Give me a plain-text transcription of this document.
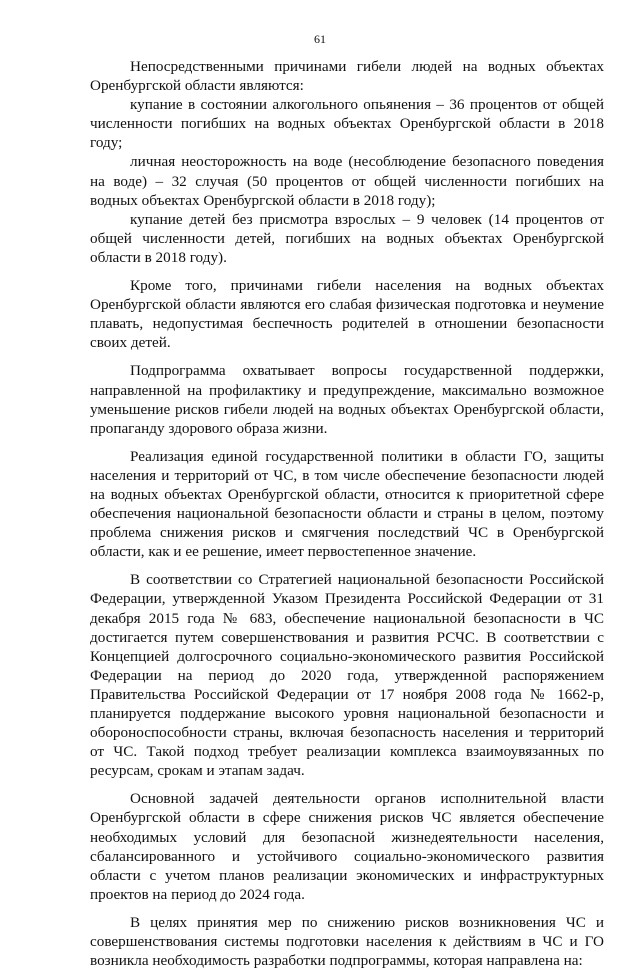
61

Непосредственными причинами гибели людей на водных объектах Оренбургской области являются:

купание в состоянии алкогольного опьянения – 36 процентов от общей численности погибших на водных объектах Оренбургской области в 2018 году;

личная неосторожность на воде (несоблюдение безопасного поведения на воде) – 32 случая (50 процентов от общей численности погибших на водных объектах Оренбургской области в 2018 году);

купание детей без присмотра взрослых – 9 человек (14 процентов от общей численности детей, погибших на водных объектах Оренбургской области в 2018 году).

Кроме того, причинами гибели населения на водных объектах Оренбургской области являются его слабая физическая подготовка и неумение плавать, недопустимая беспечность родителей в отношении безопасности своих детей.

Подпрограмма охватывает вопросы государственной поддержки, направленной на профилактику и предупреждение, максимально возможное уменьшение рисков гибели людей на водных объектах Оренбургской области, пропаганду здорового образа жизни.

Реализация единой государственной политики в области ГО, защиты населения и территорий от ЧС, в том числе обеспечение безопасности людей на водных объектах Оренбургской области, относится к приоритетной сфере обеспечения национальной безопасности области и страны в целом, поэтому проблема снижения рисков и смягчения последствий ЧС в Оренбургской области, как и ее решение, имеет первостепенное значение.

В соответствии со Стратегией национальной безопасности Российской Федерации, утвержденной Указом Президента Российской Федерации от 31 декабря 2015 года № 683, обеспечение национальной безопасности в ЧС достигается путем совершенствования и развития РСЧС. В соответствии с Концепцией долгосрочного социально-экономического развития Российской Федерации на период до 2020 года, утвержденной распоряжением Правительства Российской Федерации от 17 ноября 2008 года № 1662-р, планируется поддержание высокого уровня национальной безопасности и обороноспособности страны, включая безопасность населения и территорий от ЧС. Такой подход требует реализации комплекса взаимоувязанных по ресурсам, срокам и этапам задач.

Основной задачей деятельности органов исполнительной власти Оренбургской области в сфере снижения рисков ЧС является обеспечение необходимых условий для безопасной жизнедеятельности населения, сбалансированного и устойчивого социально-экономического развития области с учетом планов реализации экономических и инфраструктурных проектов на период до 2024 года.

В целях принятия мер по снижению рисков возникновения ЧС и совершенствования системы подготовки населения к действиям в ЧС и ГО возникла необходимость разработки подпрограммы, которая направлена на:
